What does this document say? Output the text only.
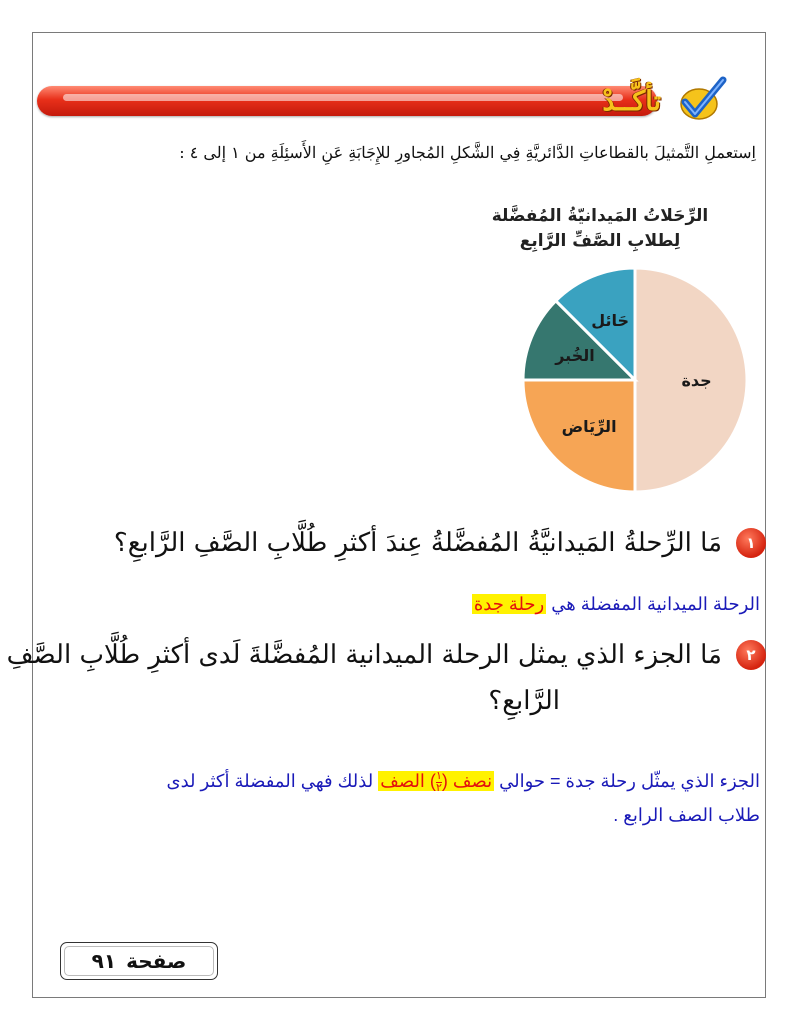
تأكَّــدْ
اِستعملِ التَّمثيلَ بالقطاعاتِ الدَّائريَّةِ فِي الشَّكلِ المُجاورِ للإِجَابَةِ عَنِ الأَسئِلَةِ من ١ إلى ٤ :
الرِّحَلاتُ المَيدانيّةُ المُفضَّلة
لِطلابِ الصَّفِّ الرَّابِع
جدة
الرِّيَاض
الخُبر
حَائل
١
مَا الرِّحلةُ المَيدانيَّةُ المُفضَّلةُ عِندَ أكثرِ طُلَّابِ الصَّفِ الرَّابعِ؟
الرحلة الميدانية المفضلة هي رحلة جدة
٢
مَا الجزء الذي يمثل الرحلة الميدانية المُفضَّلةَ لَدى أكثرِ طُلَّابِ الصَّفِ
الرَّابعِ؟
الجزء الذي يمثّل رحلة جدة = حوالي نصف (
$\frac{١}{٢}$
) الصف لذلك فهي المفضلة أكثر لدى
طلاب الصف الرابع .
صفحة
٩١
